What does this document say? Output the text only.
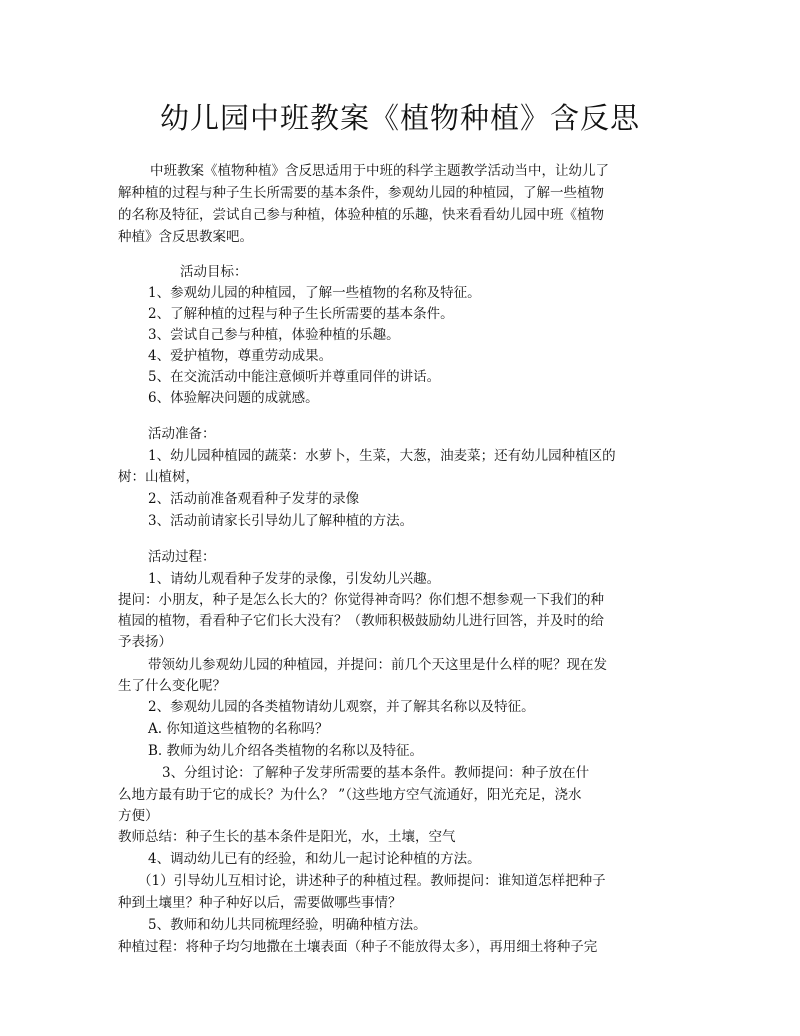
幼儿园中班教案《植物种植》含反思
中班教案《植物种植》含反思适用于中班的科学主题教学活动当中，让幼儿了
解种植的过程与种子生长所需要的基本条件，参观幼儿园的种植园，了解一些植物
的名称及特征，尝试自己参与种植，体验种植的乐趣，快来看看幼儿园中班《植物
种植》含反思教案吧。
活动目标：
1、参观幼儿园的种植园，了解一些植物的名称及特征。
2、了解种植的过程与种子生长所需要的基本条件。
3、尝试自己参与种植，体验种植的乐趣。
4、爱护植物，尊重劳动成果。
5、在交流活动中能注意倾听并尊重同伴的讲话。
6、体验解决问题的成就感。
活动准备：
1、幼儿园种植园的蔬菜：水萝卜，生菜，大葱，油麦菜；还有幼儿园种植区的
树：山植树，
2、活动前准备观看种子发芽的录像
3、活动前请家长引导幼儿了解种植的方法。
活动过程：
1、请幼儿观看种子发芽的录像，引发幼儿兴趣。
提问：小朋友，种子是怎么长大的？你觉得神奇吗？你们想不想参观一下我们的种
植园的植物，看看种子它们长大没有？（教师积极鼓励幼儿进行回答，并及时的给
予表扬）
带领幼儿参观幼儿园的种植园，并提问：前几个天这里是什么样的呢？现在发
生了什么变化呢？
2、参观幼儿园的各类植物请幼儿观察，并了解其名称以及特征。
A. 你知道这些植物的名称吗？
B. 教师为幼儿介绍各类植物的名称以及特征。
3、分组讨论：了解种子发芽所需要的基本条件。教师提问：种子放在什
么地方最有助于它的成长？为什么？ ”（这些地方空气流通好，阳光充足，浇水
方便）
教师总结：种子生长的基本条件是阳光，水，土壤，空气
4、调动幼儿已有的经验，和幼儿一起讨论种植的方法。
（1）引导幼儿互相讨论，讲述种子的种植过程。教师提问：谁知道怎样把种子
种到土壤里？种子种好以后，需要做哪些事情？
5、教师和幼儿共同梳理经验，明确种植方法。
种植过程：将种子均匀地撒在土壤表面（种子不能放得太多），再用细土将种子完
